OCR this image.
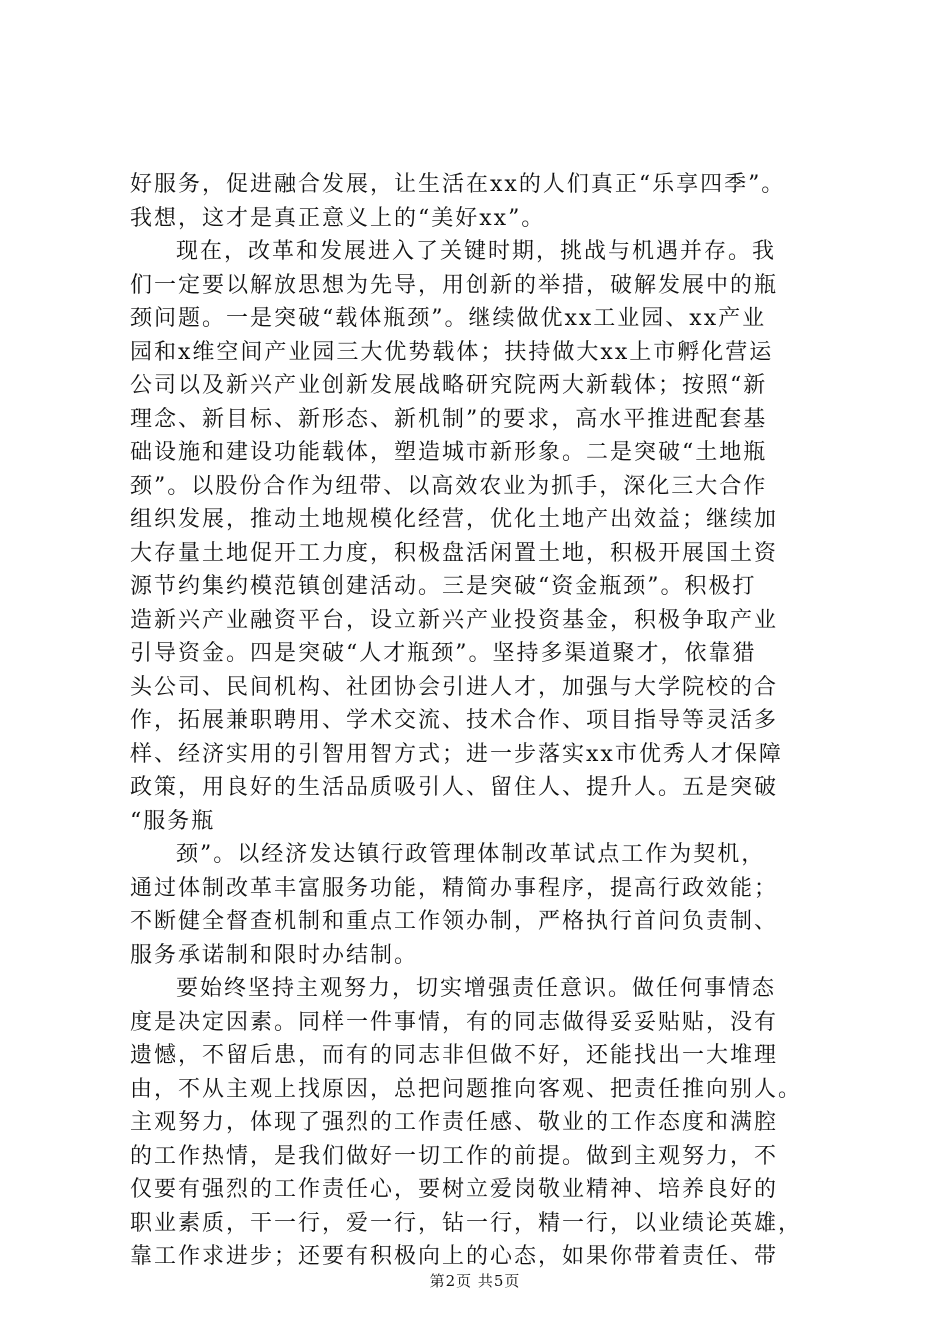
好服务，促进融合发展，让生活在xx的人们真正“乐享四季”。
我想，这才是真正意义上的“美好xx”。
现在，改革和发展进入了关键时期，挑战与机遇并存。我
们一定要以解放思想为先导，用创新的举措，破解发展中的瓶
颈问题。一是突破“载体瓶颈”。继续做优xx工业园、xx产业
园和x维空间产业园三大优势载体；扶持做大xx上市孵化营运
公司以及新兴产业创新发展战略研究院两大新载体；按照“新
理念、新目标、新形态、新机制”的要求，高水平推进配套基
础设施和建设功能载体，塑造城市新形象。二是突破“土地瓶
颈”。以股份合作为纽带、以高效农业为抓手，深化三大合作
组织发展，推动土地规模化经营，优化土地产出效益；继续加
大存量土地促开工力度，积极盘活闲置土地，积极开展国土资
源节约集约模范镇创建活动。三是突破“资金瓶颈”。积极打
造新兴产业融资平台，设立新兴产业投资基金，积极争取产业
引导资金。四是突破“人才瓶颈”。坚持多渠道聚才，依靠猎
头公司、民间机构、社团协会引进人才，加强与大学院校的合
作，拓展兼职聘用、学术交流、技术合作、项目指导等灵活多
样、经济实用的引智用智方式；进一步落实xx市优秀人才保障
政策，用良好的生活品质吸引人、留住人、提升人。五是突破
“服务瓶
颈”。以经济发达镇行政管理体制改革试点工作为契机，
通过体制改革丰富服务功能，精简办事程序，提高行政效能；
不断健全督查机制和重点工作领办制，严格执行首问负责制、
服务承诺制和限时办结制。
要始终坚持主观努力，切实增强责任意识。做任何事情态
度是决定因素。同样一件事情，有的同志做得妥妥贴贴，没有
遗憾，不留后患，而有的同志非但做不好，还能找出一大堆理
由，不从主观上找原因，总把问题推向客观、把责任推向别人。
主观努力，体现了强烈的工作责任感、敬业的工作态度和满腔
的工作热情，是我们做好一切工作的前提。做到主观努力，不
仅要有强烈的工作责任心，要树立爱岗敬业精神、培养良好的
职业素质，干一行，爱一行，钻一行，精一行，以业绩论英雄，
靠工作求进步；还要有积极向上的心态，如果你带着责任、带
第2页 共5页
